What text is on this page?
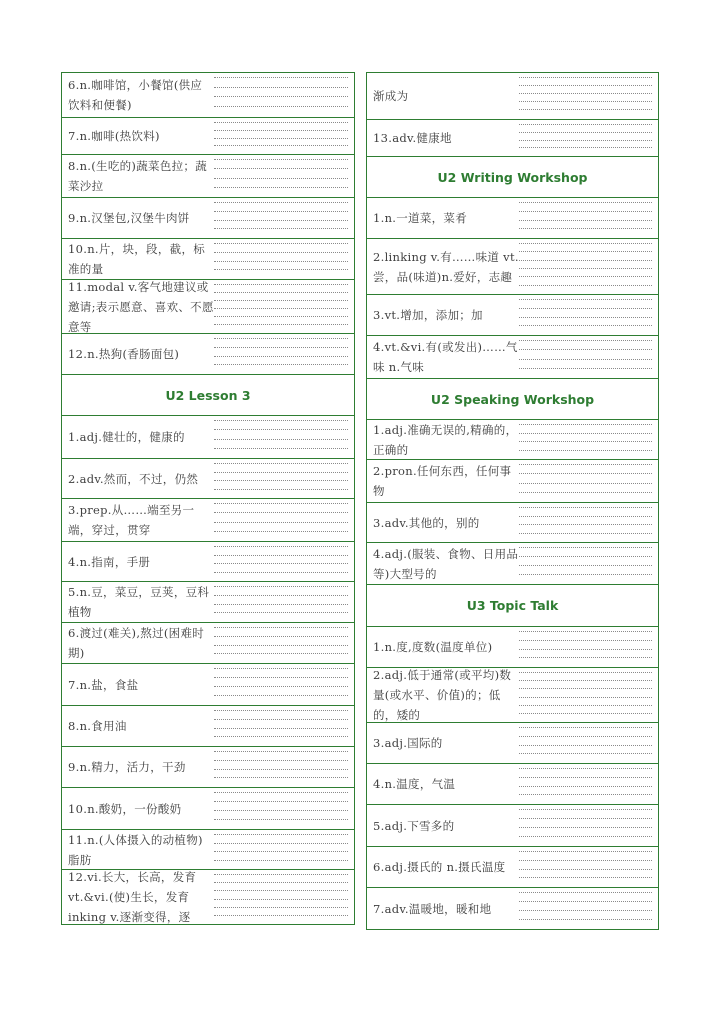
6.n.咖啡馆，小餐馆(供应饮料和便餐)
7.n.咖啡(热饮料)
8.n.(生吃的)蔬菜色拉；蔬菜沙拉
9.n.汉堡包,汉堡牛肉饼
10.n.片，块，段，截，标准的量
11.modal v.客气地建议或邀请;表示愿意、喜欢、不愿意等
12.n.热狗(香肠面包)
U2 Lesson 3
1.adj.健壮的，健康的
2.adv.然而，不过，仍然
3.prep.从……端至另一端，穿过，贯穿
4.n.指南，手册
5.n.豆，菜豆，豆荚，豆科植物
6.渡过(难关),熬过(困难时期)
7.n.盐，食盐
8.n.食用油
9.n.精力，活力，干劲
10.n.酸奶，一份酸奶
11.n.(人体摄入的动植物)脂肪
12.vi.长大，长高，发育 vt.&vi.(使)生长，发育 inking v.逐渐变得，逐
渐成为
13.adv.健康地
U2 Writing Workshop
1.n.一道菜，菜肴
2.linking v.有……味道 vt.尝，品(味道)n.爱好，志趣
3.vt.增加，添加；加
4.vt.&vi.有(或发出)……气味 n.气味
U2 Speaking Workshop
1.adj.准确无误的,精确的，正确的
2.pron.任何东西，任何事物
3.adv.其他的，别的
4.adj.(服装、食物、日用品等)大型号的
U3 Topic Talk
1.n.度,度数(温度单位)
2.adj.低于通常(或平均)数量(或水平、价值)的；低的，矮的
3.adj.国际的
4.n.温度，气温
5.adj.下雪多的
6.adj.摄氏的 n.摄氏温度
7.adv.温暖地，暖和地
